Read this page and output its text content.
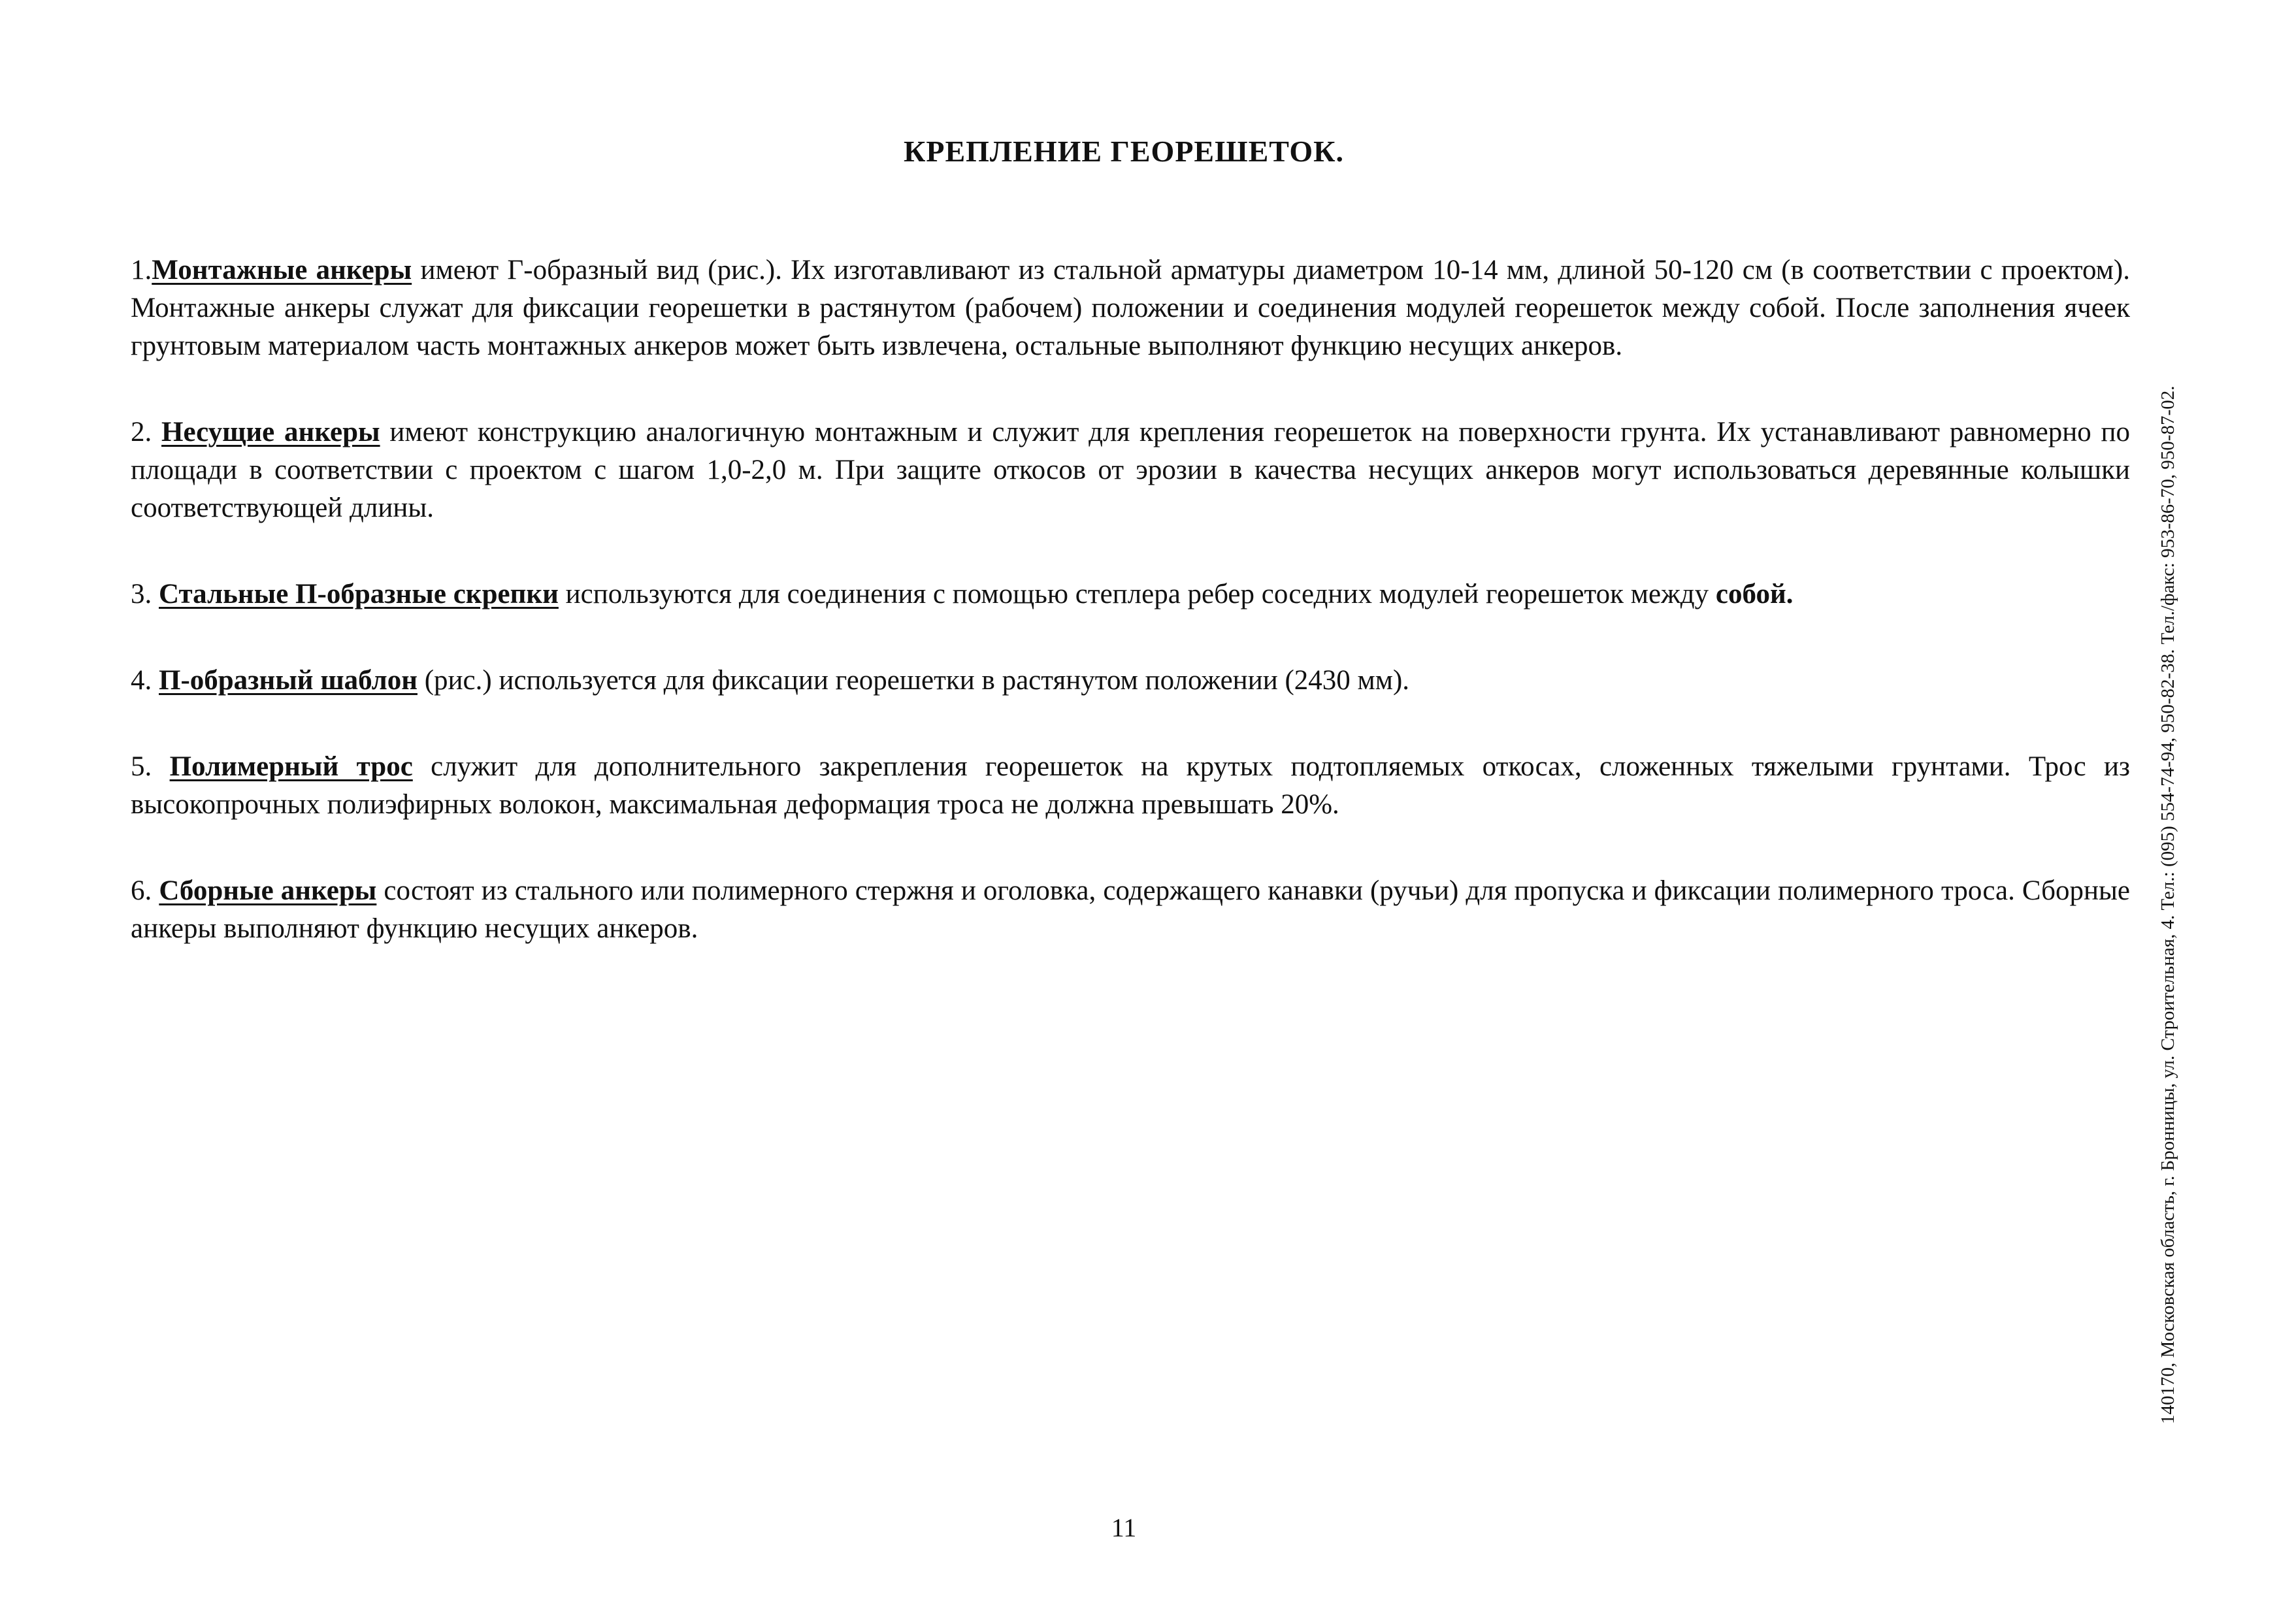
КРЕПЛЕНИЕ ГЕОРЕШЕТОК.

1.Монтажные анкеры имеют Г-образный вид (рис.). Их изготавливают из стальной арматуры диаметром 10-14 мм, длиной 50-120 см (в соответствии с проектом). Монтажные анкеры служат для фиксации георешетки в растянутом (рабочем) положении и соединения модулей георешеток между собой. После заполнения ячеек грунтовым материалом часть монтажных анкеров может быть извлечена, остальные выполняют функцию несущих анкеров.

2. Несущие анкеры имеют конструкцию аналогичную монтажным и служит для крепления георешеток на поверхности грунта. Их устанавливают равномерно по площади в соответствии с проектом с шагом 1,0-2,0 м. При защите откосов от эрозии в качества несущих анкеров могут использоваться деревянные колышки соответствующей длины.

3. Стальные П-образные скрепки используются для соединения с помощью степлера ребер соседних модулей георешеток между собой.

4. П-образный шаблон (рис.) используется для фиксации георешетки в растянутом положении (2430 мм).

5. Полимерный трос служит для дополнительного закрепления георешеток на крутых подтопляемых откосах, сложенных тяжелыми грунтами. Трос из высокопрочных полиэфирных волокон, максимальная деформация троса не должна превышать 20%.

6. Сборные анкеры состоят из стального или полимерного стержня и оголовка, содержащего канавки (ручьи) для пропуска и фиксации полимерного троса. Сборные анкеры выполняют функцию несущих анкеров.	140170, Московская область, г. Бронницы, ул. Строительная, 4. Тел.: (095) 554-74-94, 950-82-38. Тел./факс: 953-86-70, 950-87-02.
11
